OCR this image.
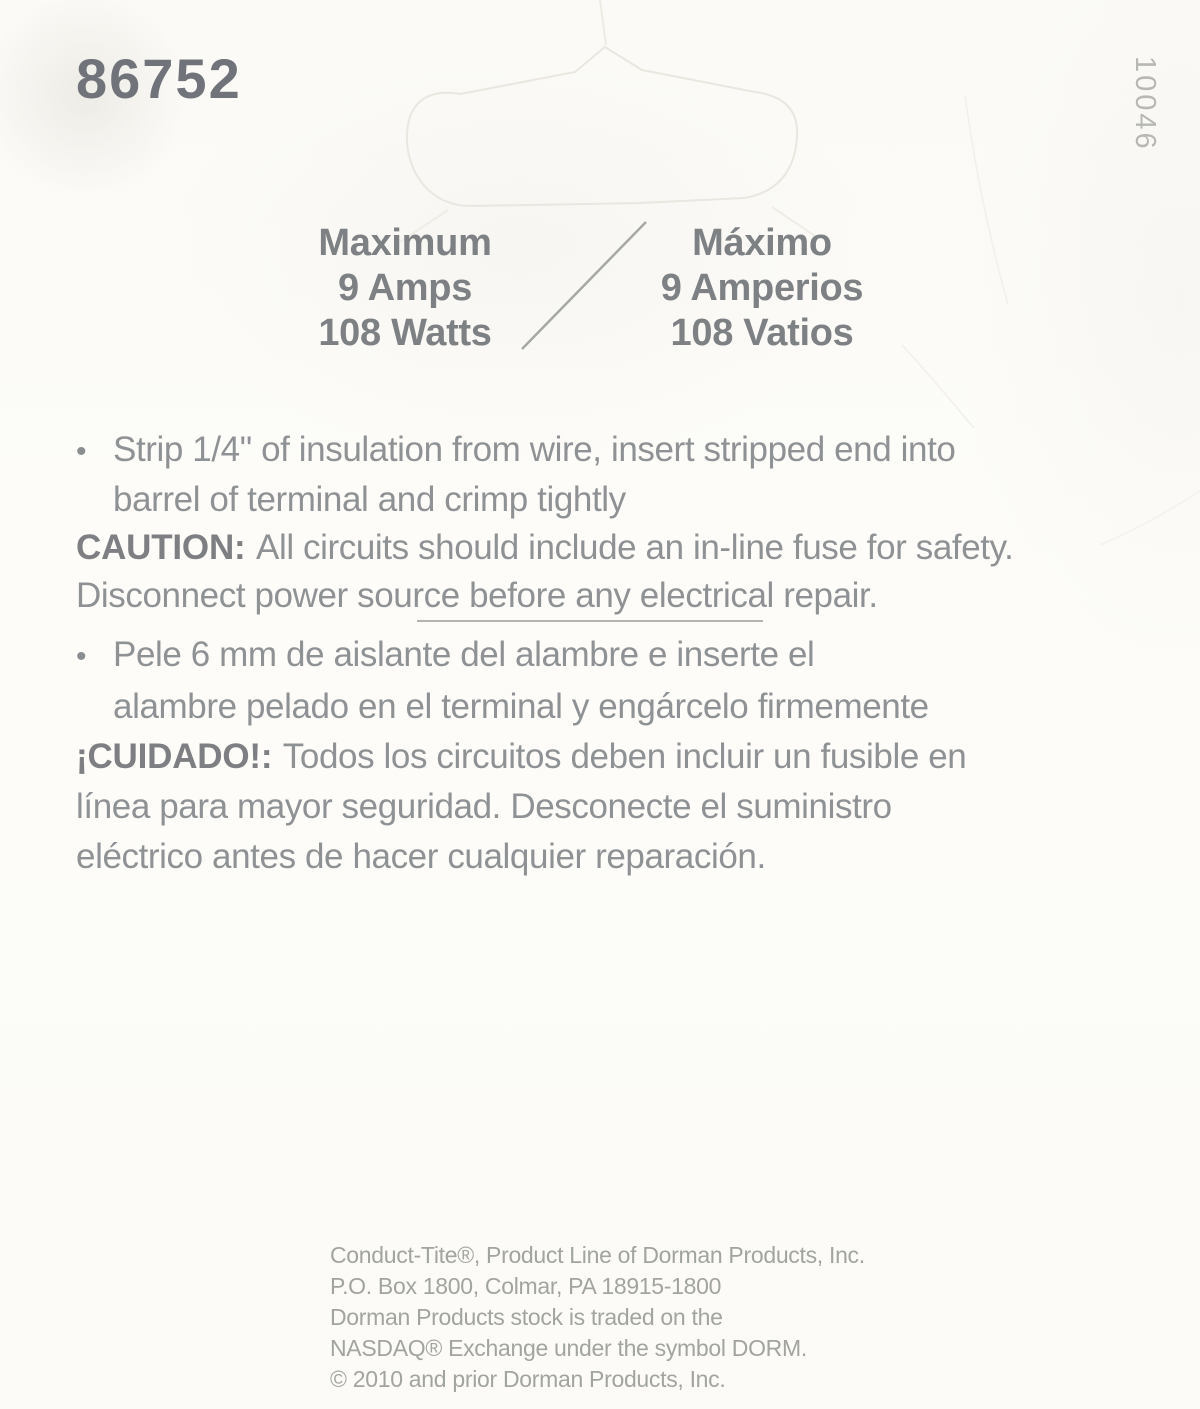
86752	10046
Maximum
9 Amps
108 Watts
Máximo
9 Amperios
108 Vatios
• Strip 1/4" of insulation from wire, insert stripped end into
barrel of terminal and crimp tightly
CAUTION: All circuits should include an in-line fuse for safety.
Disconnect power source before any electrical repair.
• Pele 6 mm de aislante del alambre e inserte el
alambre pelado en el terminal y engárcelo firmemente
¡CUIDADO!: Todos los circuitos deben incluir un fusible en
línea para mayor seguridad. Desconecte el suministro
eléctrico antes de hacer cualquier reparación.
Conduct-Tite®, Product Line of Dorman Products, Inc.
P.O. Box 1800, Colmar, PA 18915-1800
Dorman Products stock is traded on the
NASDAQ® Exchange under the symbol DORM.
© 2010 and prior Dorman Products, Inc.
